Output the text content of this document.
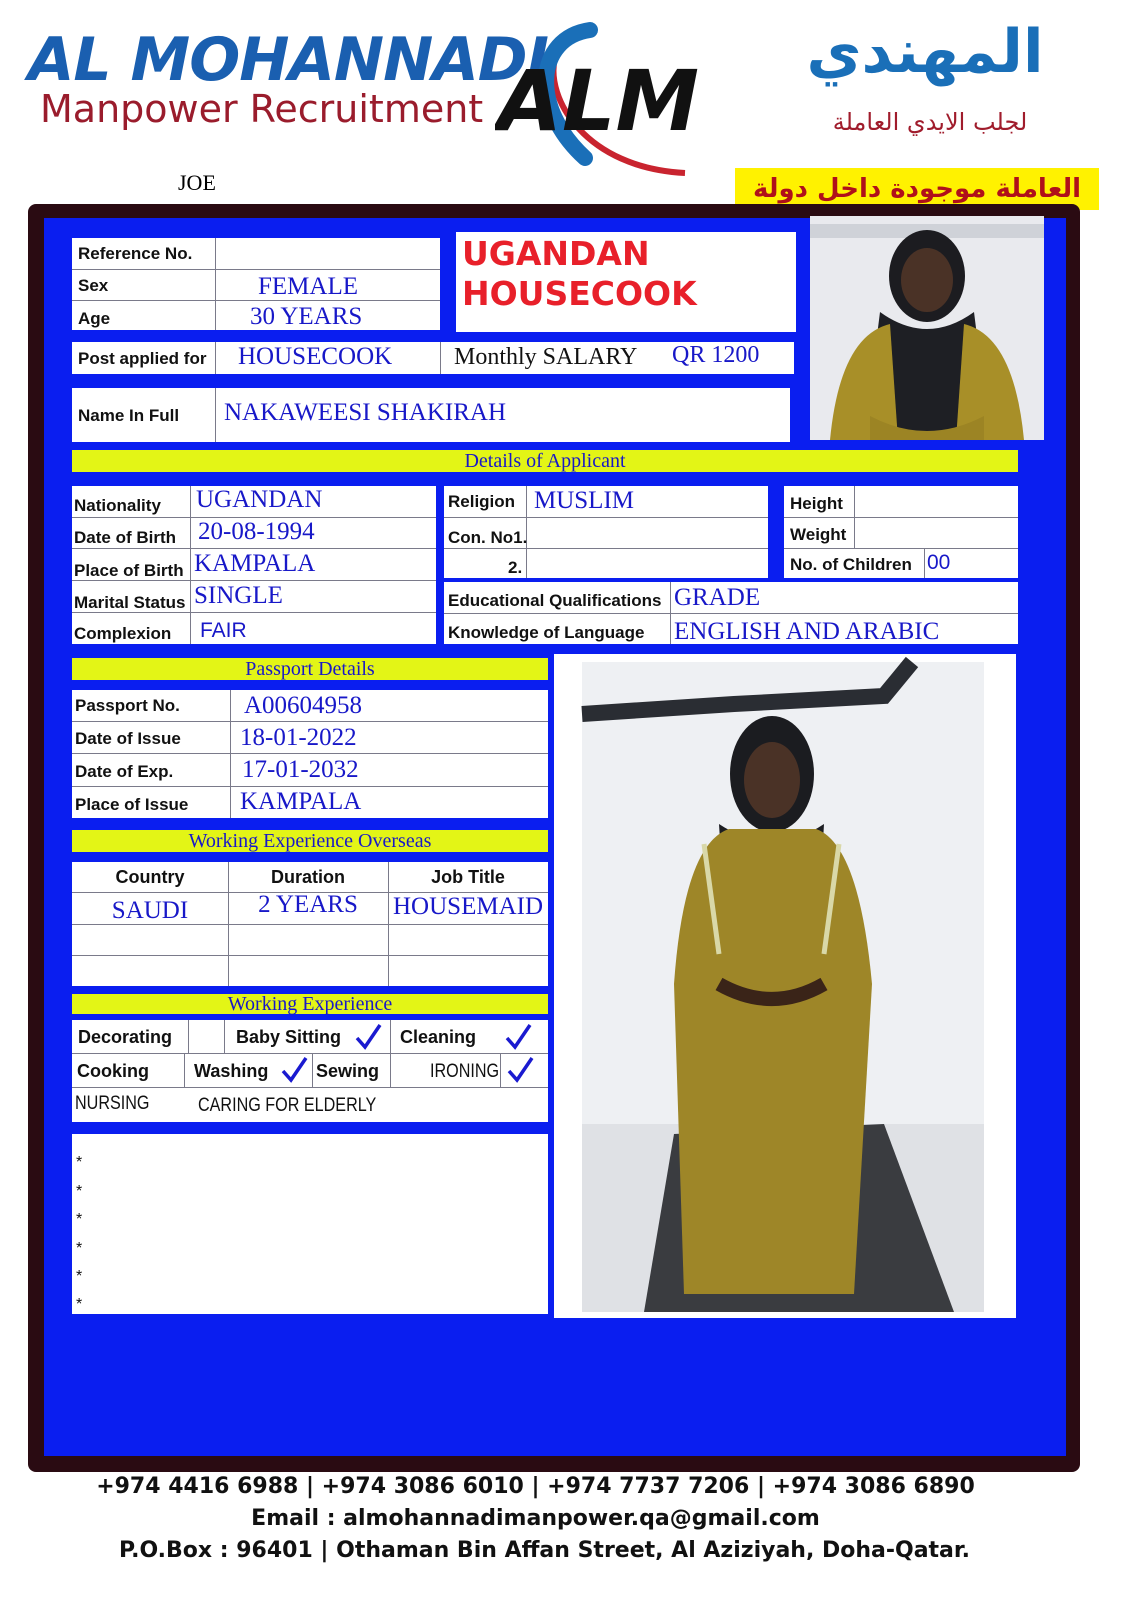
AL MOHANNADI
Manpower Recruitment ALM	المهندي
لجلب الايدي العاملة
JOE	العاملة موجودة داخل دولة
Reference No.
Sex	FEMALE
Age	30 YEARS
UGANDAN
HOUSECOOK
Post applied for HOUSECOOK	Monthly SALARY QR 1200
Name In Full NAKAWEESI SHAKIRAH
Details of Applicant
Nationality UGANDAN
Date of Birth 20-08-1994
Place of Birth KAMPALA
Marital Status SINGLE
Complexion FAIR
Religion MUSLIM
Con. No1.
2.
Height
Weight
No. of Children 00
Educational Qualifications GRADE
Knowledge of Language ENGLISH AND ARABIC
Passport Details
Passport No.	A00604958
Date of Issue 18-01-2022
Date of Exp.	17-01-2032
Place of Issue KAMPALA
Working Experience Overseas
Country	Duration	Job Title
SAUDI	2 YEARS	HOUSEMAID
Working Experience
Decorating	Baby Sitting	Cleaning
Cooking	Washing	Sewing	IRONING
NURSING	CARING FOR ELDERLY
*
*
*
*
*
*
+974 4416 6988 | +974 3086 6010 | +974 7737 7206 | +974 3086 6890
Email : almohannadimanpower.qa@gmail.com
P.O.Box : 96401 | Othaman Bin Affan Street, Al Aziziyah, Doha-Qatar.
